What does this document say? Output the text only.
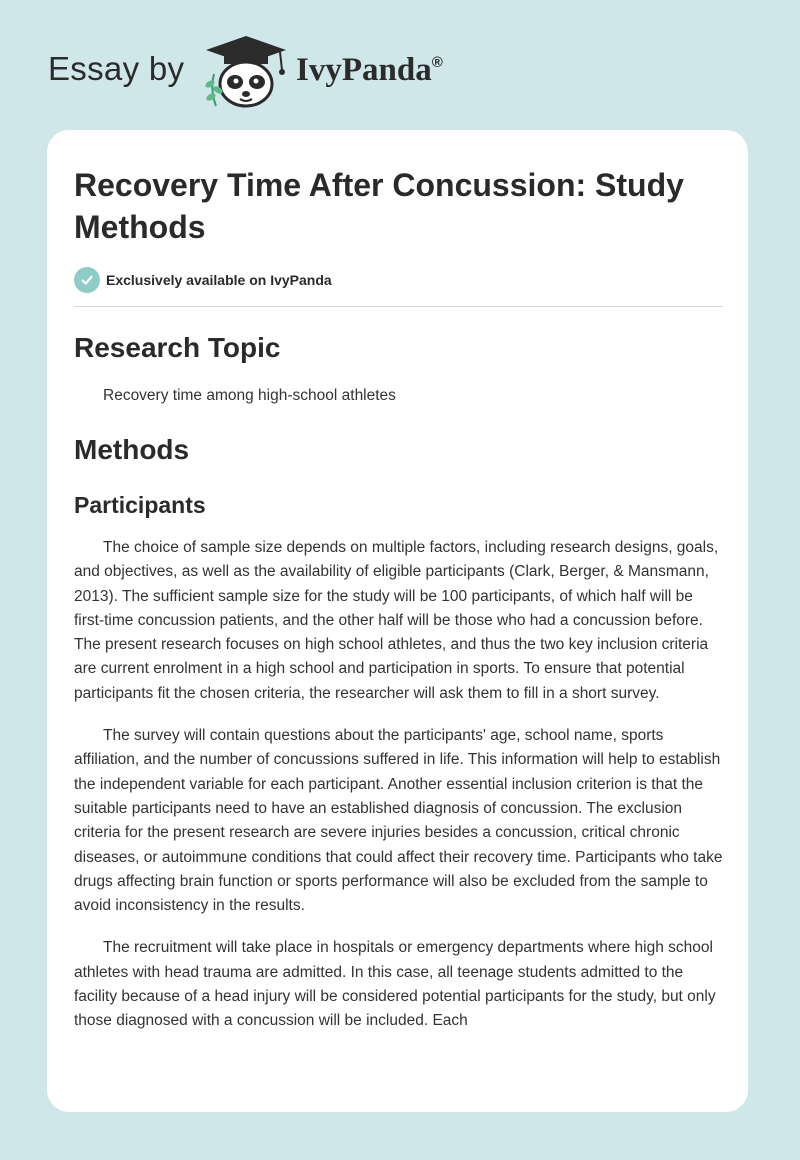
Essay by	IvyPanda®
Recovery Time After Concussion: Study Methods
Exclusively available on IvyPanda
Research Topic

Recovery time among high-school athletes

Methods
Participants

The choice of sample size depends on multiple factors, including research designs, goals, and objectives, as well as the availability of eligible participants (Clark, Berger, & Mansmann, 2013). The sufficient sample size for the study will be 100 participants, of which half will be first-time concussion patients, and the other half will be those who had a concussion before. The present research focuses on high school athletes, and thus the two key inclusion criteria are current enrolment in a high school and participation in sports. To ensure that potential participants fit the chosen criteria, the researcher will ask them to fill in a short survey.

The survey will contain questions about the participants' age, school name, sports affiliation, and the number of concussions suffered in life. This information will help to establish the independent variable for each participant. Another essential inclusion criterion is that the suitable participants need to have an established diagnosis of concussion. The exclusion criteria for the present research are severe injuries besides a concussion, critical chronic diseases, or autoimmune conditions that could affect their recovery time. Participants who take drugs affecting brain function or sports performance will also be excluded from the sample to avoid inconsistency in the results.

The recruitment will take place in hospitals or emergency departments where high school athletes with head trauma are admitted. In this case, all teenage students admitted to the facility because of a head injury will be considered potential participants for the study, but only those diagnosed with a concussion will be included. Each
